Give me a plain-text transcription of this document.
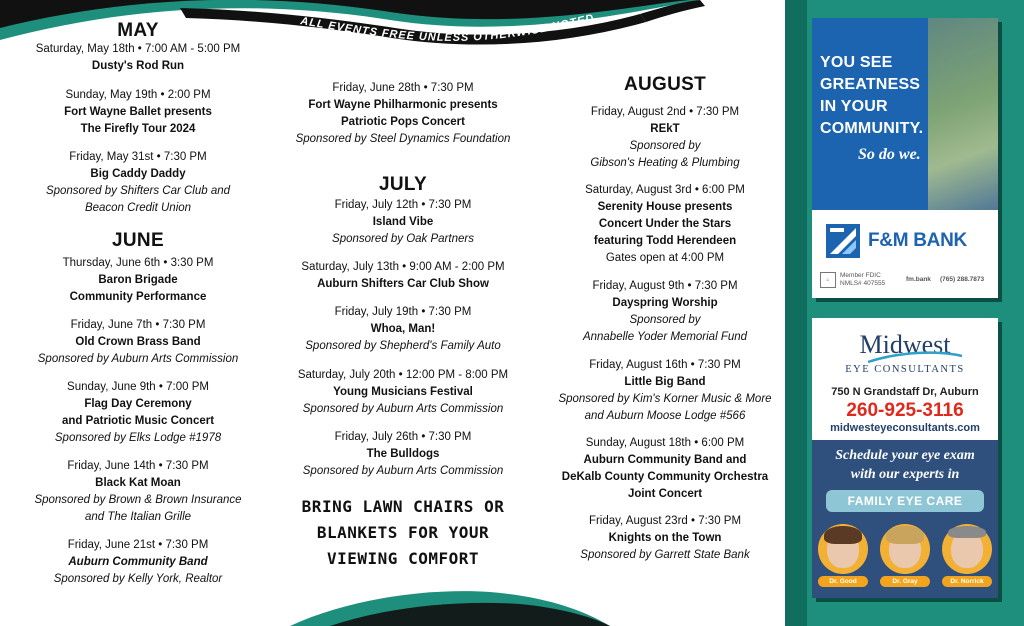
ALL EVENTS FREE UNLESS OTHERWISE NOTED
MAY
Saturday, May 18th • 7:00 AM - 5:00 PM
Dusty's Rod Run
Sunday, May 19th • 2:00 PM
Fort Wayne Ballet presents
The Firefly Tour 2024
Friday, May 31st • 7:30 PM
Big Caddy Daddy
Sponsored by Shifters Car Club and
Beacon Credit Union
JUNE
Thursday, June 6th • 3:30 PM
Baron Brigade
Community Performance
Friday, June 7th • 7:30 PM
Old Crown Brass Band
Sponsored by Auburn Arts Commission
Sunday, June 9th • 7:00 PM
Flag Day Ceremony
and Patriotic Music Concert
Sponsored by Elks Lodge #1978
Friday, June 14th • 7:30 PM
Black Kat Moan
Sponsored by Brown & Brown Insurance
and The Italian Grille
Friday, June 21st • 7:30 PM
Auburn Community Band
Sponsored by Kelly York, Realtor
Friday, June 28th • 7:30 PM
Fort Wayne Philharmonic presents
Patriotic Pops Concert
Sponsored by Steel Dynamics Foundation
JULY
Friday, July 12th • 7:30 PM
Island Vibe
Sponsored by Oak Partners
Saturday, July 13th • 9:00 AM - 2:00 PM
Auburn Shifters Car Club Show
Friday, July 19th • 7:30 PM
Whoa, Man!
Sponsored by Shepherd's Family Auto
Saturday, July 20th • 12:00 PM - 8:00 PM
Young Musicians Festival
Sponsored by Auburn Arts Commission
Friday, July 26th • 7:30 PM
The Bulldogs
Sponsored by Auburn Arts Commission
BRING LAWN CHAIRS OR
BLANKETS FOR YOUR
VIEWING COMFORT
AUGUST
Friday, August 2nd • 7:30 PM
REkT
Sponsored by
Gibson's Heating & Plumbing
Saturday, August 3rd • 6:00 PM
Serenity House presents
Concert Under the Stars
featuring Todd Herendeen
Gates open at 4:00 PM
Friday, August 9th • 7:30 PM
Dayspring Worship
Sponsored by
Annabelle Yoder Memorial Fund
Friday, August 16th • 7:30 PM
Little Big Band
Sponsored by Kim's Korner Music & More
and Auburn Moose Lodge #566
Sunday, August 18th • 6:00 PM
Auburn Community Band and
DeKalb County Community Orchestra
Joint Concert
Friday, August 23rd • 7:30 PM
Knights on the Town
Sponsored by Garrett State Bank
YOU SEE
GREATNESS
IN YOUR
COMMUNITY.
So do we.
F&M BANK
⌂
Member FDIC
NMLS# 407555
fm.bank (765) 288.7873
Midwest
EYE CONSULTANTS
750 N Grandstaff Dr, Auburn
260-925-3116
midwesteyeconsultants.com
Schedule your eye exam
with our experts in
FAMILY EYE CARE
Dr. Good	Dr. Gray	Dr. Norrick
